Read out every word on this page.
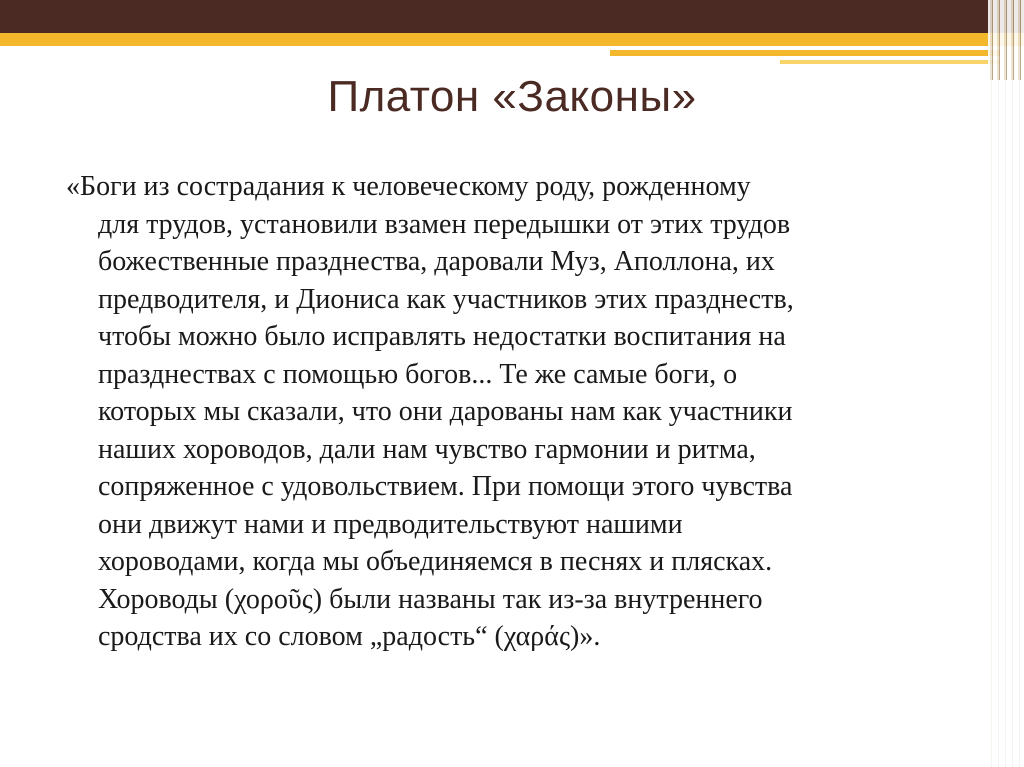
Платон «Законы»
«Боги из сострадания к человеческому роду, рожденному
для трудов, установили взамен передышки от этих трудов
божественные празднества, даровали Муз, Аполлона, их
предводителя, и Диониса как участников этих празднеств,
чтобы можно было исправлять недостатки воспитания на
празднествах с помощью богов... Те же самые боги, о
которых мы сказали, что они дарованы нам как участники
наших хороводов, дали нам чувство гармонии и ритма,
сопряженное с удовольствием. При помощи этого чувства
они движут нами и предводительствуют нашими
хороводами, когда мы объединяемся в песнях и плясках.
Хороводы (χοροῦς) были названы так из-за внутреннего
сродства их со словом „радость“ (χαράς)».
